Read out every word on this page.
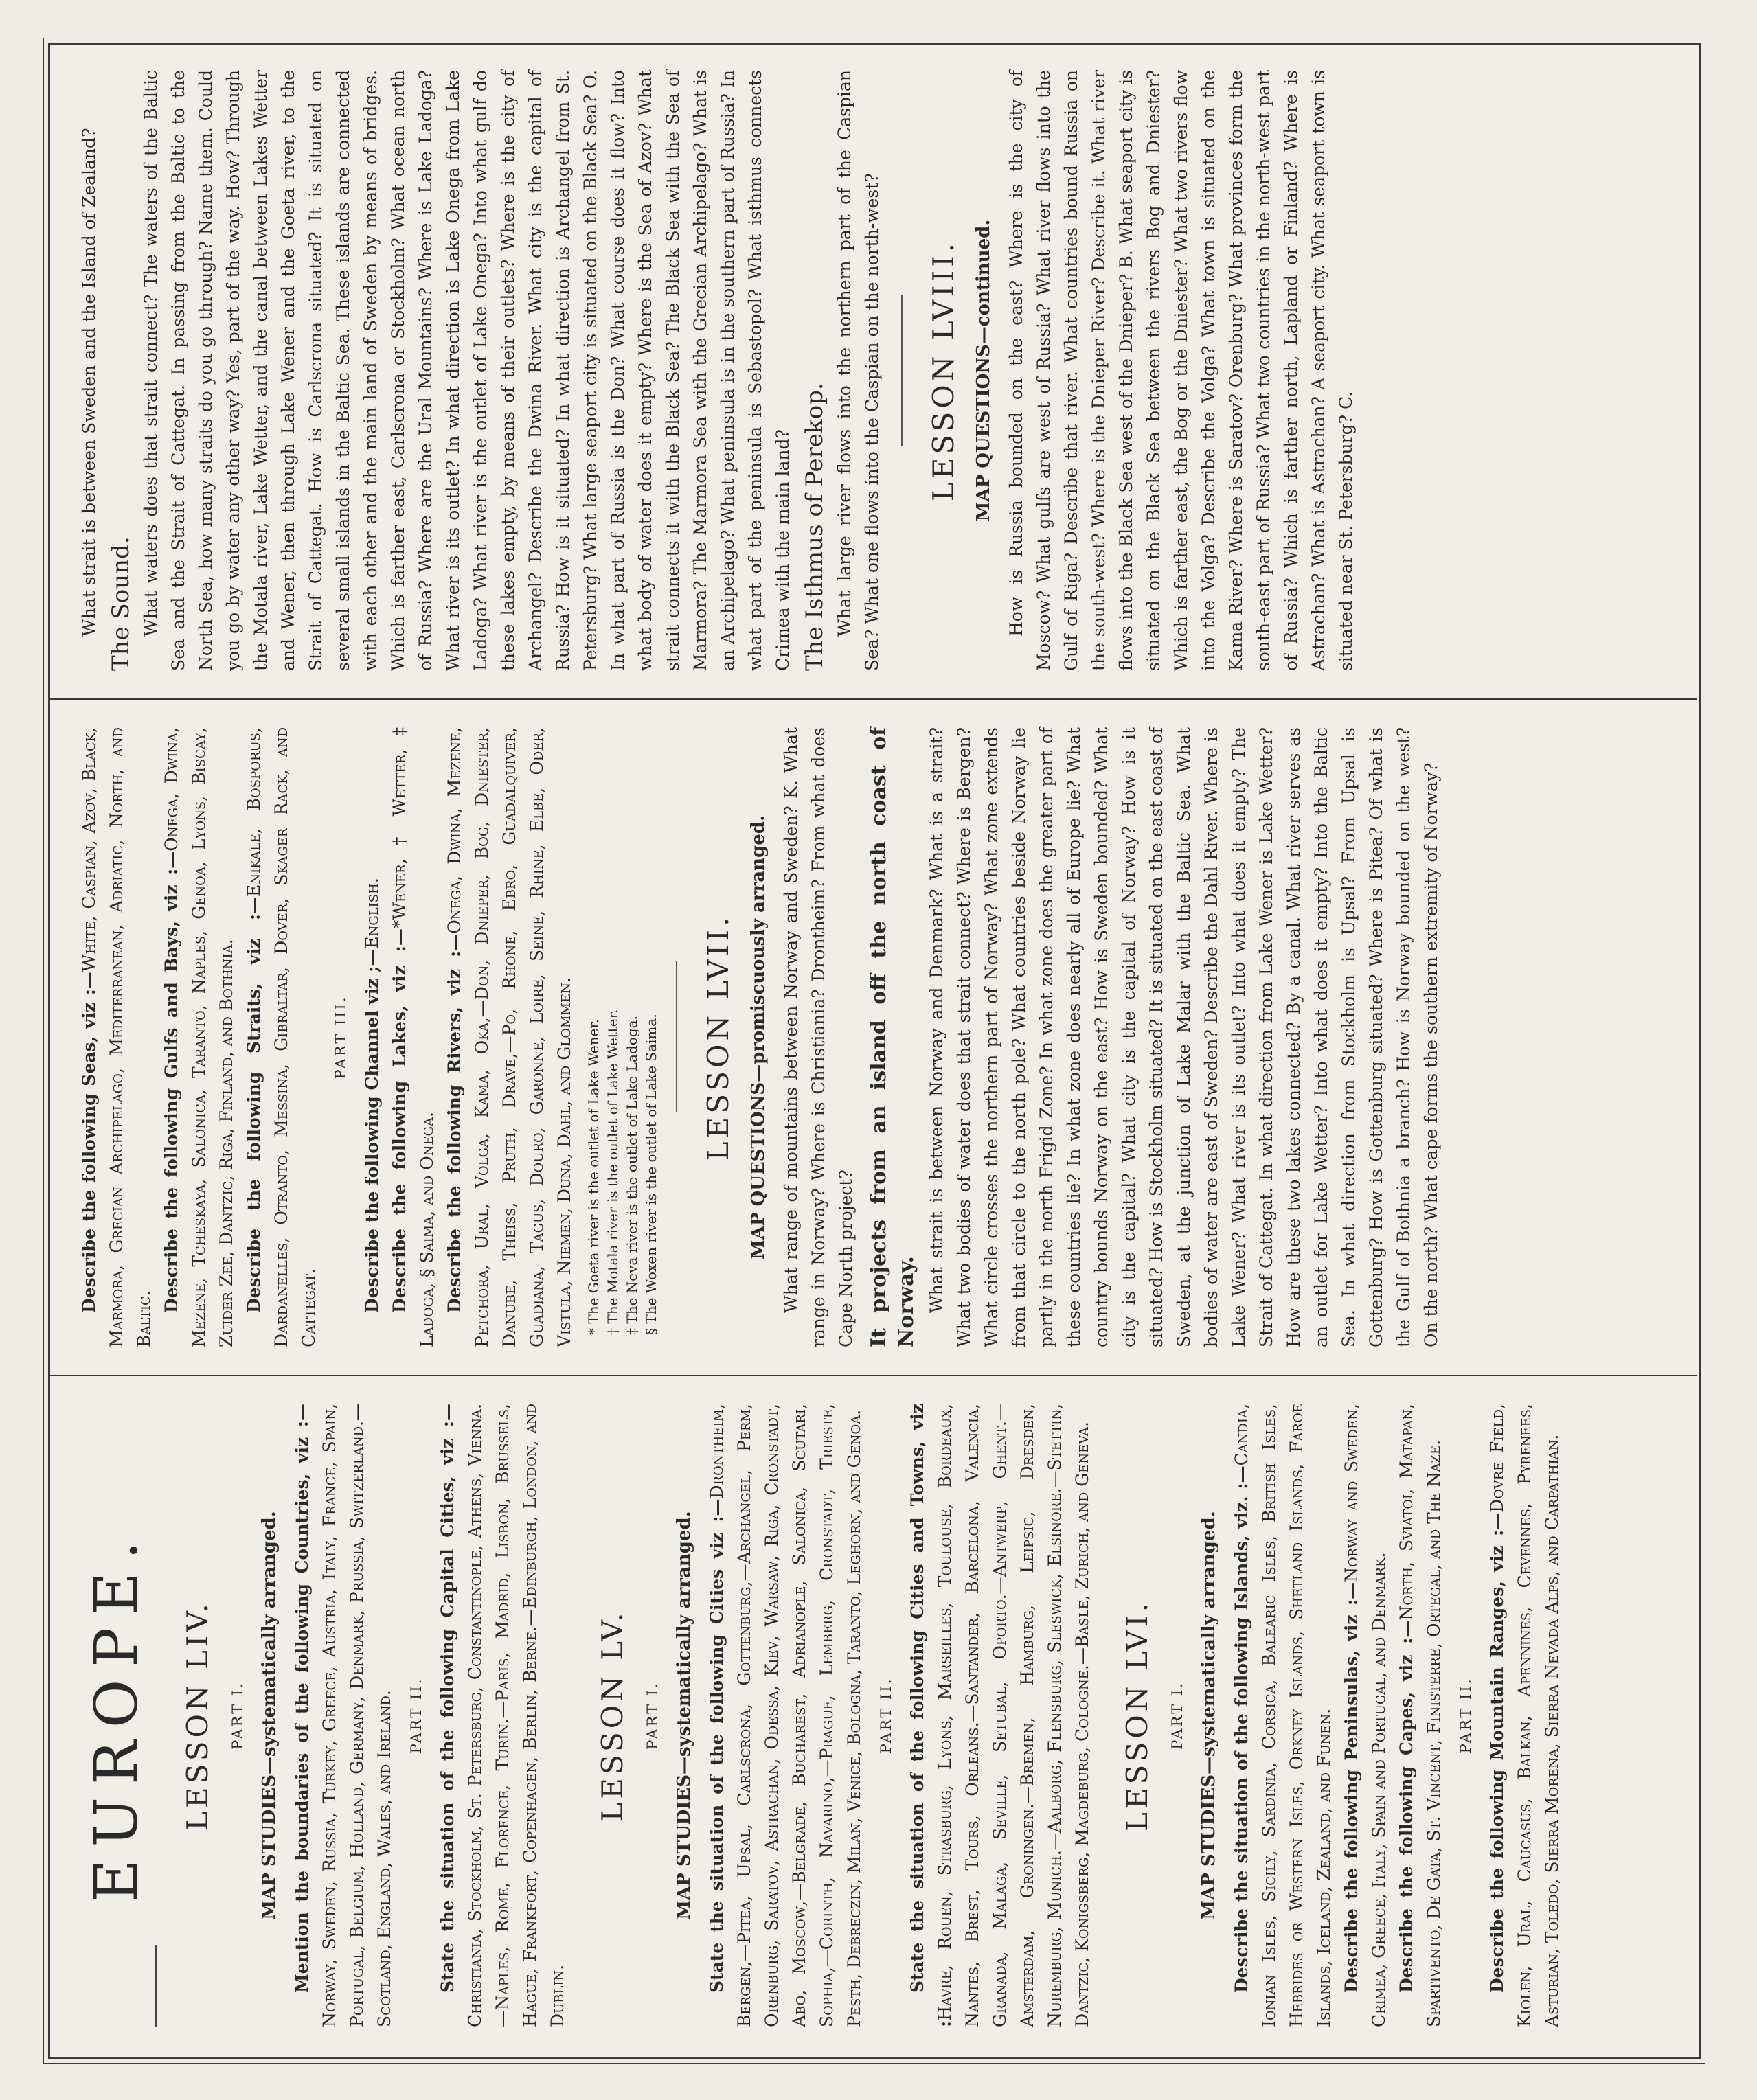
EUROPE. LESSON LIV.	PART I. MAP STUDIES—systematically arranged. Mention the boundaries of the following Countries, viz :— Norway, Sweden, Russia, Turkey, Greece, Austria, Italy, France, Spain, Portugal, Belgium, Holland, Germany, Denmark, Prussia, Switzerland.—Scotland, England, Wales, and Ireland. PART II. State the situation of the following Capital Cities, viz :— Christiania, Stockholm, St. Petersburg, Constantinople, Athens, Vienna.—Naples, Rome, Florence, Turin.—Paris, Madrid, Lisbon, Brussels, Hague, Frankfort, Copenhagen, Berlin, Berne.—Edinburgh, London, and Dublin.

LESSON LV.	PART I. MAP STUDIES—systematically arranged. State the situation of the following Cities viz :—Drontheim, Bergen,—Pitea, Upsal, Carlscrona, Gottenburg,—Archangel, Perm, Orenburg, Saratov, Astrachan, Odessa, Kiev, Warsaw, Riga, Cronstadt, Abo, Moscow,—Belgrade, Bucharest, Adrianople, Salonica, Scutari, Sophia,—Corinth, Navarino,—Prague, Lemberg, Cronstadt, Trieste, Pesth, Debreczin, Milan, Venice, Bologna, Taranto, Leghorn, and Genoa. PART II. State the situation of the following Cities and Towns, viz :Havre, Rouen, Strasburg, Lyons, Marseilles, Toulouse, Bordeaux, Nantes, Brest, Tours, Orleans.—Santander, Barcelona, Valencia, Granada, Malaga, Seville, Setubal, Oporto.—Antwerp, Ghent.—Amsterdam, Groningen.—Bremen, Hamburg, Leipsic, Dresden, Nuremburg, Munich.—Aalborg, Flensburg, Sleswick, Elsinore.—Stettin, Dantzic, Konigsberg, Magdeburg, Cologne.—Basle, Zurich, and Geneva. LESSON LVI.	PART I. MAP STUDIES—systematically arranged. Describe the situation of the following Islands, viz. :—Candia, Ionian Isles, Sicily, Sardinia, Corsica, Balearic Isles, British Isles, Hebrides or Western Isles, Orkney Islands, Shetland Islands, Faroe Islands, Iceland, Zealand, and Funen. Describe the following Peninsulas, viz :—Norway and Sweden, Crimea, Greece, Italy, Spain and Portugal, and Denmark. Describe the following Capes, viz :—North, Sviatoi, Matapan, Spartivento, De Gata, St. Vincent, Finisterre, Ortegal, and The Naze. PART II. Describe the following Mountain Ranges, viz :—Dovre Field, Kiolen, Ural, Caucasus, Balkan, Apennines, Cevennes, Pyrenees, Asturian, Toledo, Sierra Morena, Sierra Nevada Alps, and Carpathian.

Describe the following Seas, viz :—White, Caspian, Azov, Black, Marmora, Grecian Archipelago, Mediterranean, Adriatic, North, and Baltic.

Describe the following Gulfs and Bays, viz :—Onega, Dwina, Mezene, Tcheskaya, Salonica, Taranto, Naples, Genoa, Lyons, Biscay, Zuider Zee, Dantzic, Riga, Finland, and Bothnia. Describe the following Straits, viz :—Enikale, Bosporus, Dardanelles, Otranto, Messina, Gibraltar, Dover, Skager Rack, and Cattegat.

PART III. Describe the following Channel viz ;—English.

Describe the following Lakes, viz :—*Wener, † Wetter, ‡ Ladoga, § Saima, and Onega. Describe the following Rivers, viz :—Onega, Dwina, Mezene, Petchora, Ural, Volga, Kama, Oka,—Don, Dnieper, Bog, Dniester, Danube, Theiss, Pruth, Drave,—Po, Rhone, Ebro, Guadalquiver, Guadiana, Tagus, Douro, Garonne, Loire, Seine, Rhine, Elbe, Oder, Vistula, Niemen, Duna, Dahl, and Glommen. * The Goeta river is the outlet of Lake Wener. † The Motala river is the outlet of Lake Wetter. ‡ The Neva river is the outlet of Lake Ladoga. § The Woxen river is the outlet of Lake Saima. LESSON LVII. MAP QUESTIONS—promiscuously arranged. What range of mountains between Norway and Sweden? K. What range in Norway? Where is Christiania? Drontheim? From what does Cape North project? It projects from an island off the north coast of Norway. What strait is between Norway and Denmark? What is a strait? What two bodies of water does that strait connect? Where is Bergen? What circle crosses the northern part of Norway? What zone extends from that circle to the north pole? What countries beside Norway lie partly in the north Frigid Zone? In what zone does the greater part of these countries lie? In what zone does nearly all of Europe lie? What country bounds Norway on the east? How is Sweden bounded? What city is the capital? What city is the capital of Norway? How is it situated? How is Stockholm situated? It is situated on the east coast of Sweden, at the junction of Lake Malar with the Baltic Sea. What bodies of water are east of Sweden? Describe the Dahl River. Where is Lake Wener? What river is its outlet? Into what does it empty? The Strait of Cattegat. In what direction from Lake Wener is Lake Wetter? How are these two lakes connected? By a canal. What river serves as an outlet for Lake Wetter? Into what does it empty? Into the Baltic Sea. In what direction from Stockholm is Upsal? From Upsal is Gottenburg? How is Gottenburg situated? Where is Pitea? Of what is the Gulf of Bothnia a branch? How is Norway bounded on the west? On the north? What cape forms the southern extremity of Norway?

What strait is between Sweden and the Island of Zealand? The Sound. What waters does that strait connect? The waters of the Baltic Sea and the Strait of Cattegat. In passing from the Baltic to the North Sea, how many straits do you go through? Name them. Could you go by water any other way? Yes, part of the way. How? Through the Motala river, Lake Wetter, and the canal between Lakes Wetter and Wener, then through Lake Wener and the Goeta river, to the Strait of Cattegat. How is Carlscrona situated? It is situated on several small islands in the Baltic Sea. These islands are connected with each other and the main land of Sweden by means of bridges. Which is farther east, Carlscrona or Stockholm? What ocean north of Russia? Where are the Ural Mountains? Where is Lake Ladoga? What river is its outlet? In what direction is Lake Onega from Lake Ladoga? What river is the outlet of Lake Onega? Into what gulf do these lakes empty, by means of their outlets? Where is the city of Archangel? Describe the Dwina River. What city is the capital of Russia? How is it situated? In what direction is Archangel from St. Petersburg? What large seaport city is situated on the Black Sea? O. In what part of Russia is the Don? What course does it flow? Into what body of water does it empty? Where is the Sea of Azov? What strait connects it with the Black Sea? The Black Sea with the Sea of Marmora? The Marmora Sea with the Grecian Archipelago? What is an Archipelago? What peninsula is in the southern part of Russia? In what part of the peninsula is Sebastopol? What isthmus connects Crimea with the main land? The Isthmus of Perekop. What large river flows into the northern part of the Caspian Sea? What one flows into the Caspian on the north-west? LESSON LVIII. MAP QUESTIONS—continued. How is Russia bounded on the east? Where is the city of Moscow? What gulfs are west of Russia? What river flows into the Gulf of Riga? Describe that river. What countries bound Russia on the south-west? Where is the Dnieper River? Describe it. What river flows into the Black Sea west of the Dnieper? B. What seaport city is situated on the Black Sea between the rivers Bog and Dniester? Which is farther east, the Bog or the Dniester? What two rivers flow into the Volga? Describe the Volga? What town is situated on the Kama River? Where is Saratov? Orenburg? What provinces form the south-east part of Russia? What two countries in the north-west part of Russia? Which is farther north, Lapland or Finland? Where is Astrachan? What is Astrachan? A seaport city. What seaport town is situated near St. Petersburg? C.
